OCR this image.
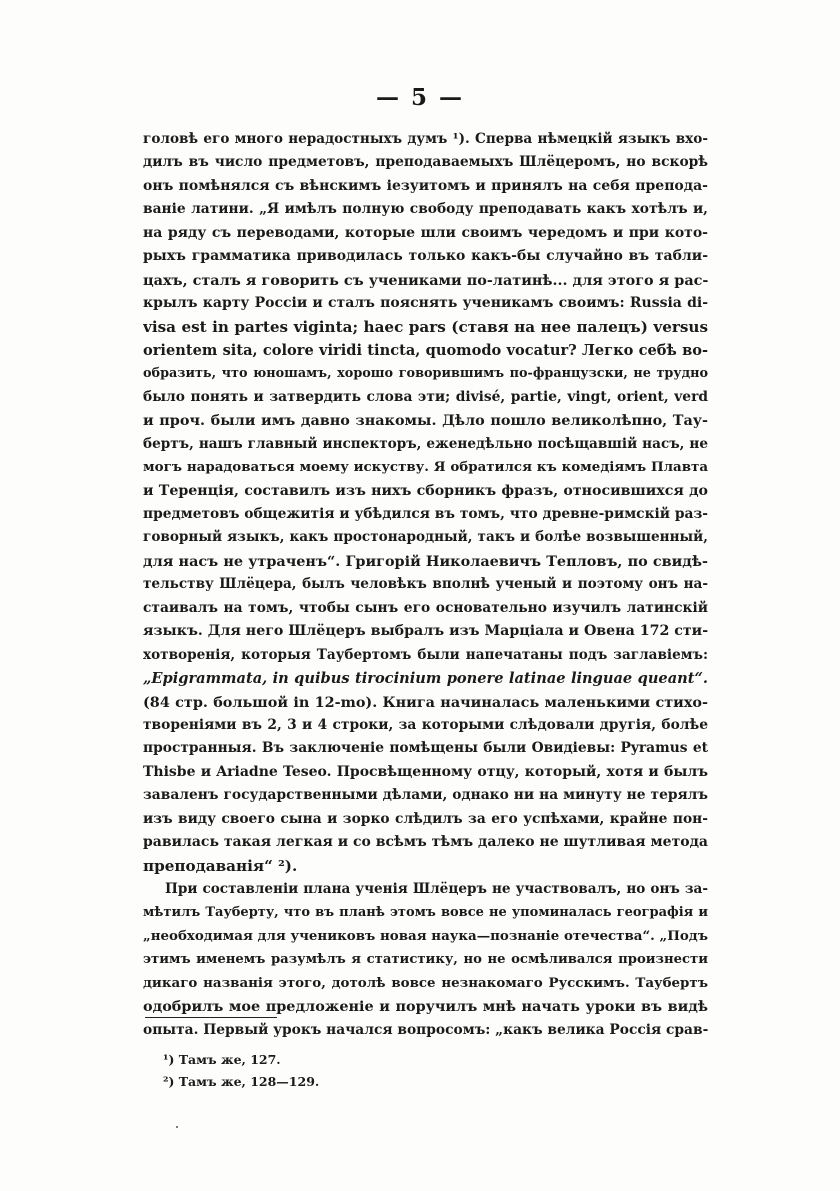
— 5 —
головѣ его много нерадостныхъ думъ ¹). Сперва нѣмецкій языкъ вхо-
дилъ въ число предметовъ, преподаваемыхъ Шлёцеромъ, но вскорѣ
онъ помѣнялся съ вѣнскимъ iезуитомъ и принялъ на себя препода-
ванiе латини. „Я имѣлъ полную свободу преподавать какъ хотѣлъ и,
на ряду съ переводами, которые шли своимъ чередомъ и при кото-
рыхъ грамматика приводилась только какъ-бы случайно въ табли-
цахъ, сталъ я говорить съ учениками по-латинѣ... для этого я рас-
крылъ карту Россiи и сталъ пояснять ученикамъ своимъ: Russia di-
visa est in partes viginta; haec pars (ставя на нее палецъ) versus
orientem sita, colore viridi tincta, quomodo vocatur? Легко себѣ во-
образить, что юношамъ, хорошо говорившимъ по-французски, не трудно
было понять и затвердить слова эти; divisé, partie, vingt, orient, verd
и проч. были имъ давно знакомы. Дѣло пошло великолѣпно, Тау-
бертъ, нашъ главный инспекторъ, еженедѣльно посѣщавшiй насъ, не
могъ нарадоваться моему искуству. Я обратился къ комедiямъ Плавта
и Теренцiя, составилъ изъ нихъ сборникъ фразъ, относившихся до
предметовъ общежитiя и убѣдился въ томъ, что древне-римскiй раз-
говорный языкъ, какъ простонародный, такъ и болѣе возвышенный,
для насъ не утраченъ“. Григорiй Николаевичъ Тепловъ, по свидѣ-
тельству Шлёцера, былъ человѣкъ вполнѣ ученый и поэтому онъ на-
стаивалъ на томъ, чтобы сынъ его основательно изучилъ латинскiй
языкъ. Для него Шлёцеръ выбралъ изъ Марцiала и Овена 172 сти-
хотворенiя, которыя Таубертомъ были напечатаны подъ заглавiемъ:
„Epigrammata, in quibus tirocinium ponere latinae linguae queant“.
(84 стр. большой in 12-mo). Книга начиналась маленькими стихо-
творенiями въ 2, 3 и 4 строки, за которыми слѣдовали другiя, болѣе
пространныя. Въ заключенiе помѣщены были Овидiевы: Pyramus et
Thisbe и Ariadne Teseo. Просвѣщенному отцу, который, хотя и былъ
заваленъ государственными дѣлами, однако ни на минуту не терялъ
изъ виду своего сына и зорко слѣдилъ за его успѣхами, крайне пон-
равилась такая легкая и со всѣмъ тѣмъ далеко не шутливая метода
преподаванiя“ ²).
При составленiи плана ученiя Шлёцеръ не участвовалъ, но онъ за-
мѣтилъ Тауберту, что въ планѣ этомъ вовсе не упоминалась географiя и
„необходимая для учениковъ новая наука—познанiе отечества“. „Подъ
этимъ именемъ разумѣлъ я статистику, но не осмѣливался произнести
дикаго названiя этого, дотолѣ вовсе незнакомаго Русскимъ. Таубертъ
одобрилъ мое предложенiе и поручилъ мнѣ начать уроки въ видѣ
опыта. Первый урокъ начался вопросомъ: „какъ велика Россiя срав-
¹) Тамъ же, 127.
²) Тамъ же, 128—129.
